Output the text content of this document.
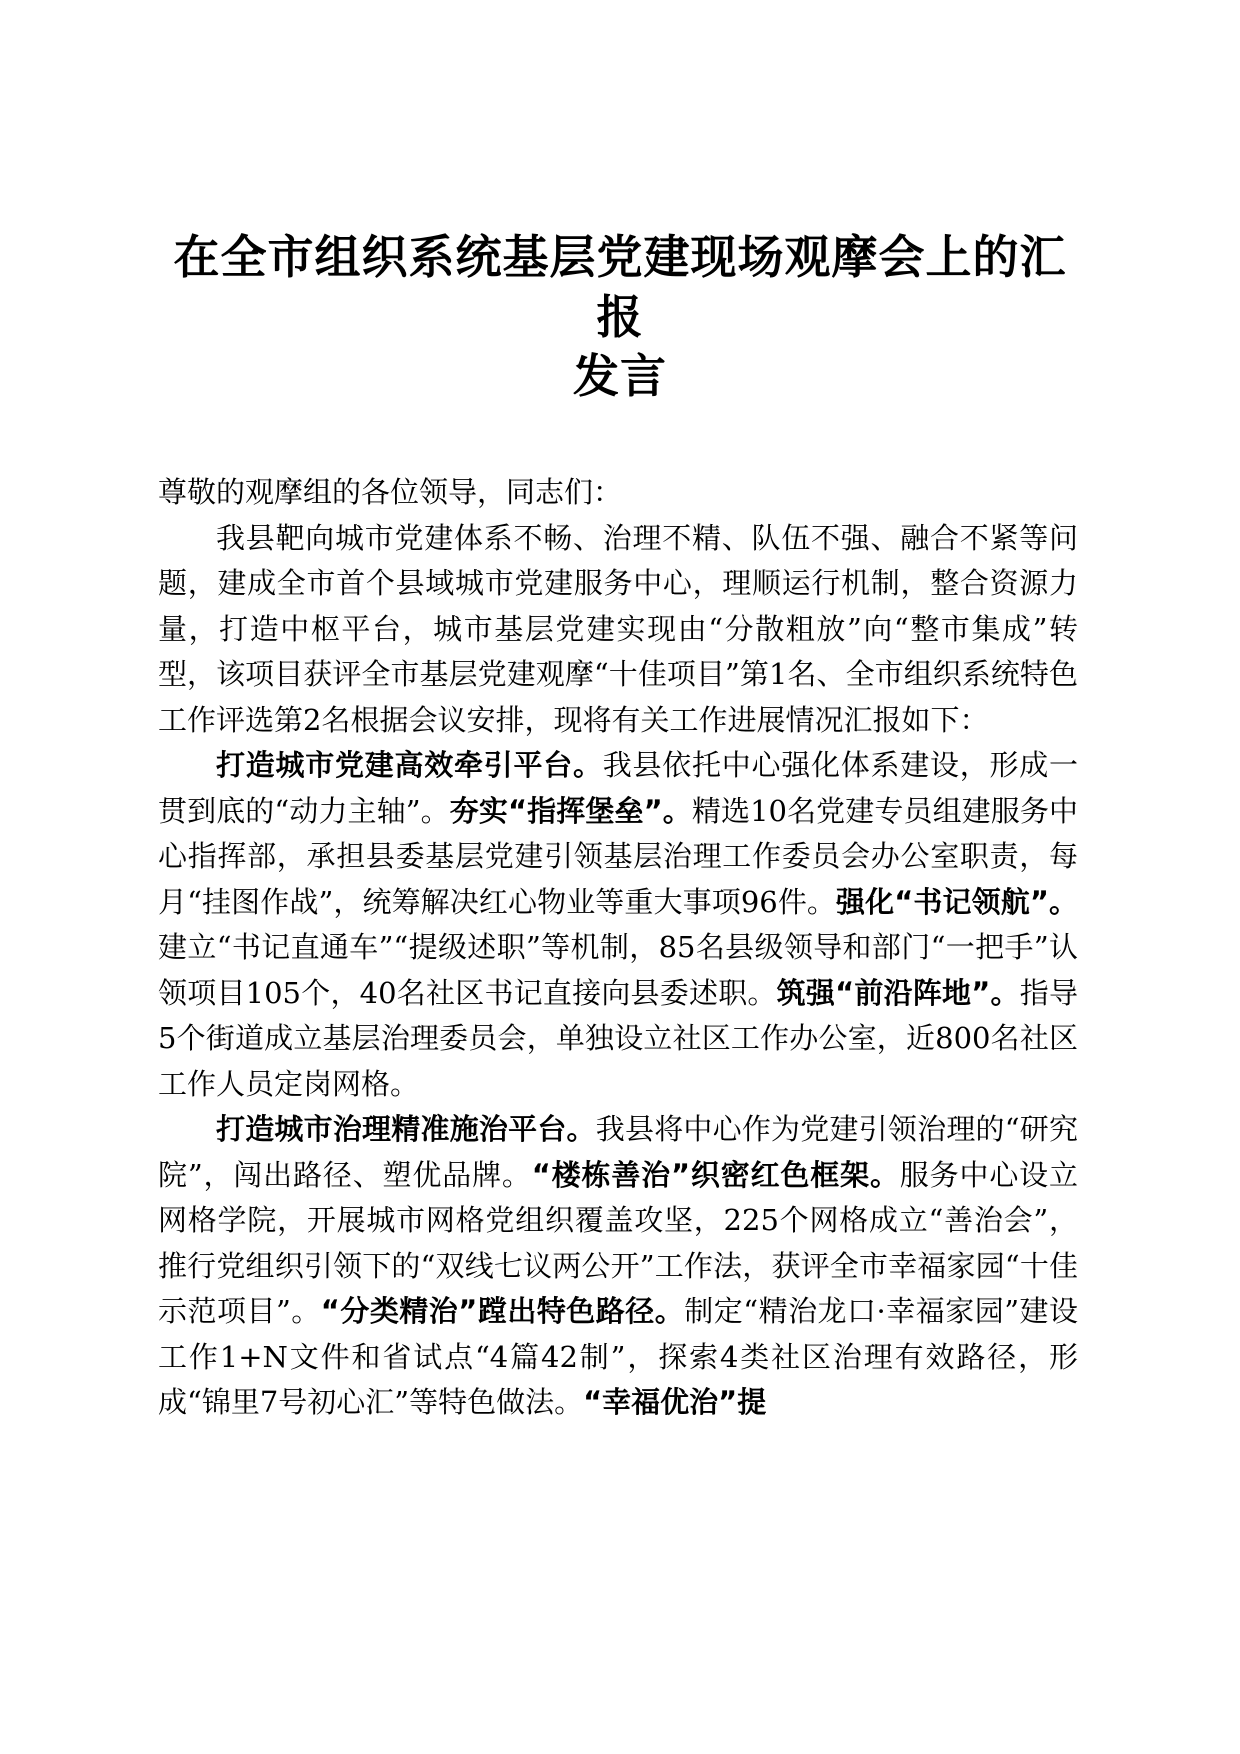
在全市组织系统基层党建现场观摩会上的汇报
发言

尊敬的观摩组的各位领导，同志们：

我县靶向城市党建体系不畅、治理不精、队伍不强、融合不紧等问题，建成全市首个县域城市党建服务中心，理顺运行机制，整合资源力量，打造中枢平台，城市基层党建实现由“分散粗放”向“整市集成”转型，该项目获评全市基层党建观摩“十佳项目”第1名、全市组织系统特色工作评选第2名根据会议安排，现将有关工作进展情况汇报如下：

打造城市党建高效牵引平台。我县依托中心强化体系建设，形成一贯到底的“动力主轴”。夯实“指挥堡垒”。精选10名党建专员组建服务中心指挥部，承担县委基层党建引领基层治理工作委员会办公室职责，每月“挂图作战”，统筹解决红心物业等重大事项96件。强化“书记领航”。建立“书记直通车”“提级述职”等机制，85名县级领导和部门“一把手”认领项目105个，40名社区书记直接向县委述职。筑强“前沿阵地”。指导5个街道成立基层治理委员会，单独设立社区工作办公室，近800名社区工作人员定岗网格。

打造城市治理精准施治平台。我县将中心作为党建引领治理的“研究院”，闯出路径、塑优品牌。“楼栋善治”织密红色框架。服务中心设立网格学院，开展城市网格党组织覆盖攻坚，225个网格成立“善治会”，推行党组织引领下的“双线七议两公开”工作法，获评全市幸福家园“十佳示范项目”。“分类精治”蹚出特色路径。制定“精治龙口·幸福家园”建设工作1+N文件和省试点“4篇42制”，探索4类社区治理有效路径，形成“锦里7号初心汇”等特色做法。“幸福优治”提
